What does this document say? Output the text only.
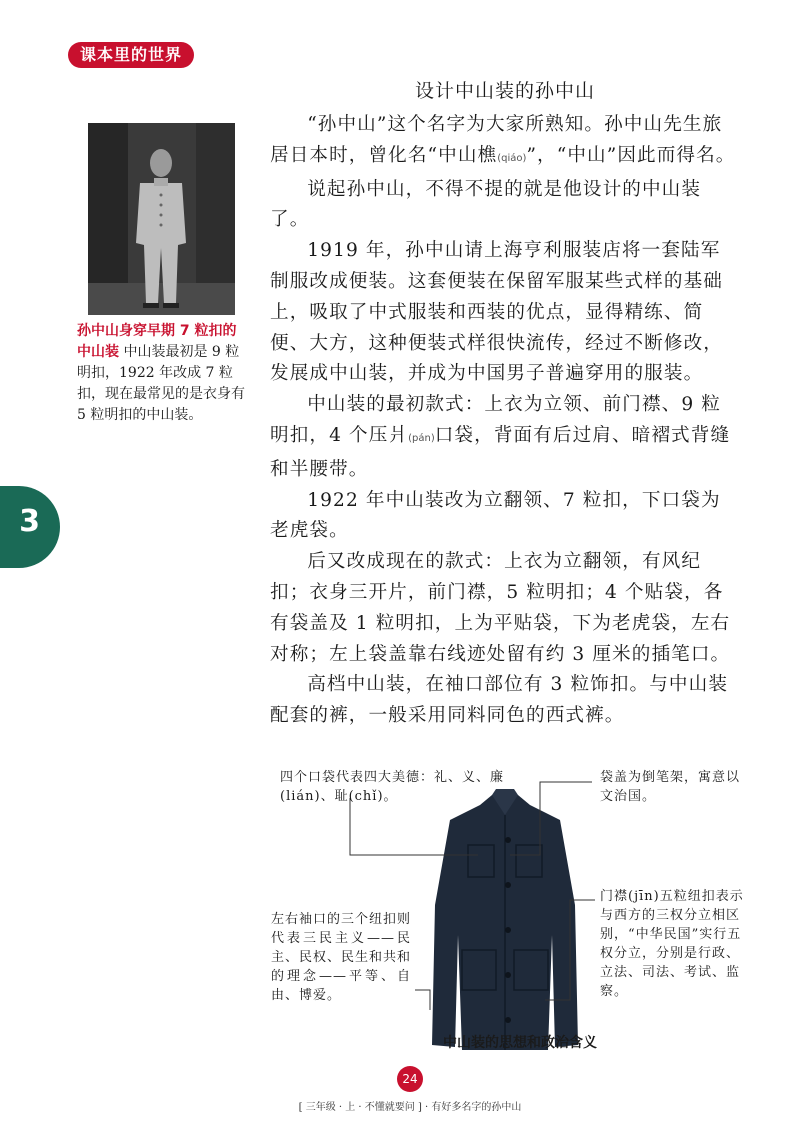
课本里的世界
孙中山身穿早期 7 粒扣的中山装 中山装最初是 9 粒明扣，1922 年改成 7 粒扣，现在最常见的是衣身有 5 粒明扣的中山装。
3
设计中山装的孙中山

“孙中山”这个名字为大家所熟知。孙中山先生旅居日本时，曾化名“中山樵(qiáo)”，“中山”因此而得名。

说起孙中山，不得不提的就是他设计的中山装了。

1919 年，孙中山请上海亨利服装店将一套陆军制服改成便装。这套便装在保留军服某些式样的基础上，吸取了中式服装和西装的优点，显得精练、简便、大方，这种便装式样很快流传，经过不断修改，发展成中山装，并成为中国男子普遍穿用的服装。

中山装的最初款式：上衣为立领、前门襟、9 粒明扣，4 个压爿(pán)口袋，背面有后过肩、暗褶式背缝和半腰带。

1922 年中山装改为立翻领、7 粒扣，下口袋为老虎袋。

后又改成现在的款式：上衣为立翻领，有风纪扣；衣身三开片，前门襟，5 粒明扣；4 个贴袋，各有袋盖及 1 粒明扣，上为平贴袋，下为老虎袋，左右对称；左上袋盖靠右线迹处留有约 3 厘米的插笔口。

高档中山装，在袖口部位有 3 粒饰扣。与中山装配套的裤，一般采用同料同色的西式裤。

四个口袋代表四大美德：礼、义、廉(lián)、耻(chǐ)。
袋盖为倒笔架，寓意以文治国。
左右袖口的三个纽扣则代表三民主义——民主、民权、民生和共和的理念——平等、自由、博爱。
门襟(jīn)五粒纽扣表示与西方的三权分立相区别，“中华民国”实行五权分立，分别是行政、立法、司法、考试、监察。
中山装的思想和政治含义
24
[ 三年级 · 上 · 不懂就要问 ] · 有好多名字的孙中山
